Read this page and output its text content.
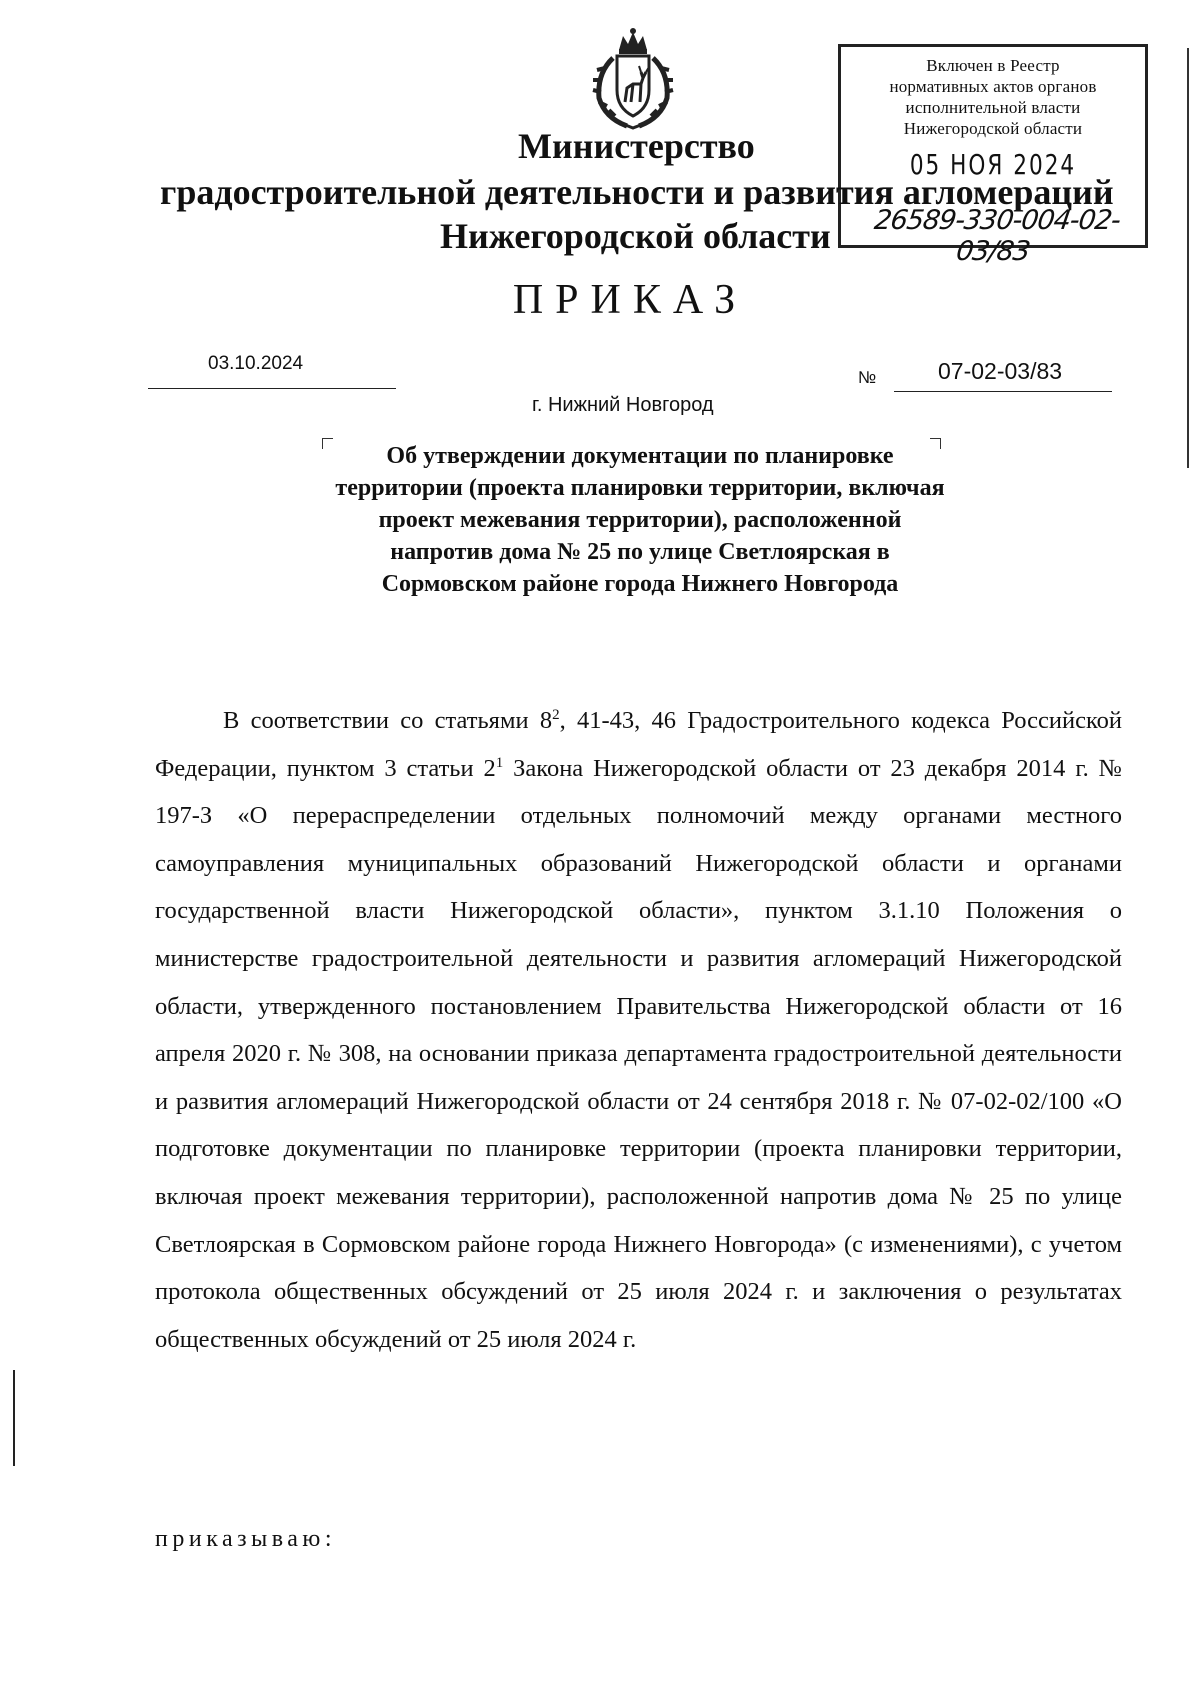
Включен в Реестр
нормативных актов органов
исполнительной власти
Нижегородской области
05 НОЯ 2024
26589-330-004-02-03/83
Министерство
градостроительной деятельности и развития агломераций
Нижегородской области
ПРИКАЗ
03.10.2024
№	07-02-03/83
г. Нижний Новгород
Об утверждении документации по планировке территории (проекта планировки территории, включая проект межевания территории), расположенной напротив дома № 25 по улице Светлоярская в Сормовском районе города Нижнего Новгорода
В соответствии со статьями $8^2$, 41-43, 46 Градостроительного кодекса Российской Федерации, пунктом 3 статьи $2^1$ Закона Нижегородской области от 23 декабря 2014 г. № 197-З «О перераспределении отдельных полномочий между органами местного самоуправления муниципальных образований Нижегородской области и органами государственной власти Нижегородской области», пунктом 3.1.10 Положения о министерстве градостроительной деятельности и развития агломераций Нижегородской области, утвержденного постановлением Правительства Нижегородской области от 16 апреля 2020 г. № 308, на основании приказа департамента градостроительной деятельности и развития агломераций Нижегородской области от 24 сентября 2018 г. № 07-02-02/100 «О подготовке документации по планировке территории (проекта планировки территории, включая проект межевания территории), расположенной напротив дома № 25 по улице Светлоярская в Сормовском районе города Нижнего Новгорода» (с изменениями), с учетом протокола общественных обсуждений от 25 июля 2024 г. и заключения о результатах общественных обсуждений от 25 июля 2024 г.
приказываю:
